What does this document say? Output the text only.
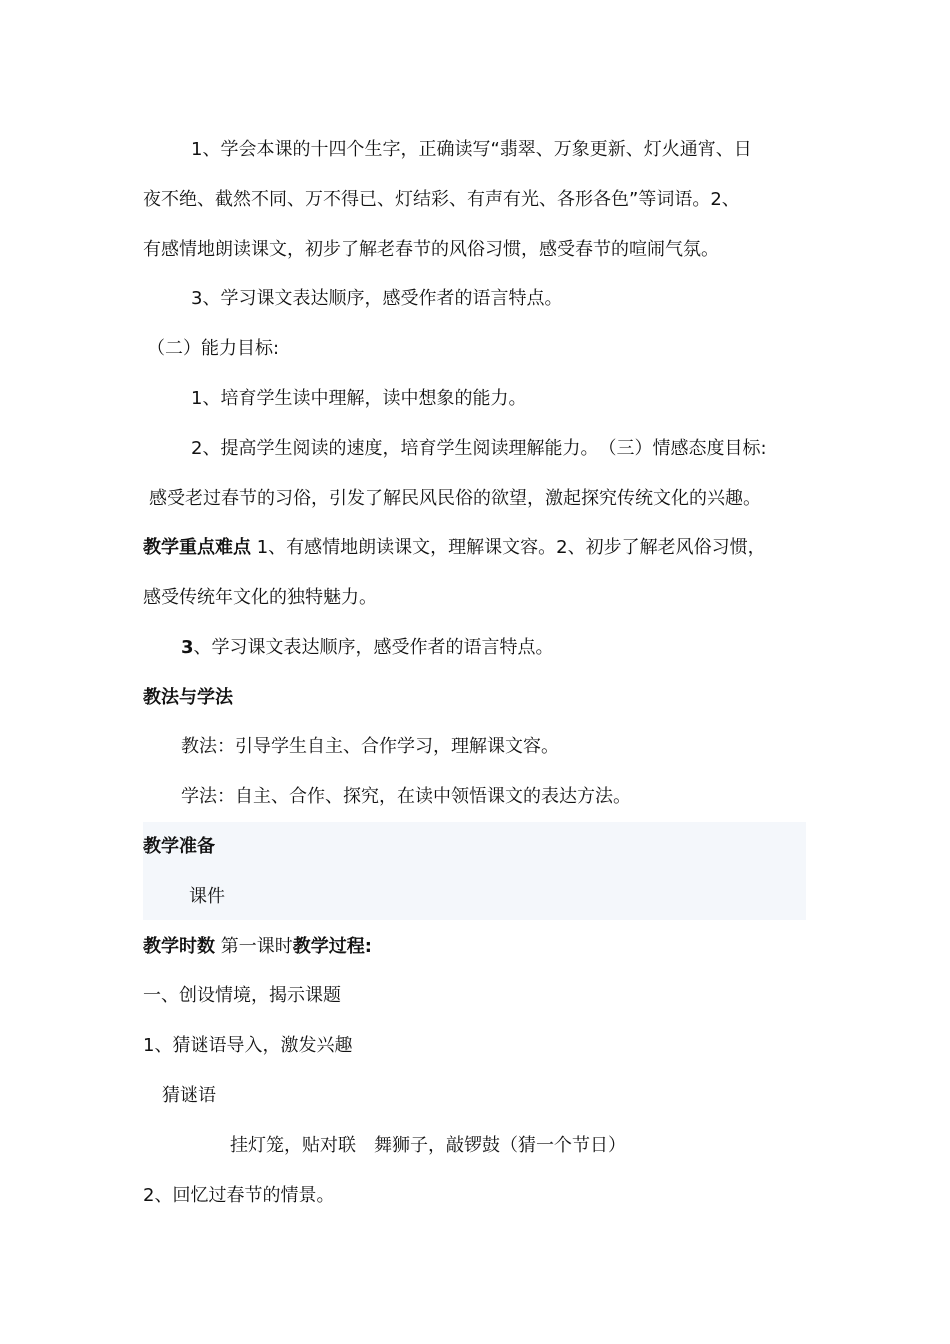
1、学会本课的十四个生字，正确读写“翡翠、万象更新、灯火通宵、日
夜不绝、截然不同、万不得已、灯结彩、有声有光、各形各色”等词语。2、
有感情地朗读课文，初步了解老春节的风俗习惯，感受春节的喧闹气氛。
3、学习课文表达顺序，感受作者的语言特点。
（二）能力目标:
1、培育学生读中理解，读中想象的能力。
2、提高学生阅读的速度，培育学生阅读理解能力。　（三）情感态度目标:
感受老过春节的习俗，引发了解民风民俗的欲望，激起探究传统文化的兴趣。
教学重点难点 1、有感情地朗读课文，理解课文容。2、初步了解老风俗习惯，
感受传统年文化的独特魅力。
3、学习课文表达顺序，感受作者的语言特点。
教法与学法
教法：引导学生自主、合作学习，理解课文容。
学法：自主、合作、探究，在读中领悟课文的表达方法。
教学准备
课件
教学时数 第一课时教学过程:
一、创设情境，揭示课题
1、猜谜语导入，激发兴趣
猜谜语
挂灯笼，贴对联　舞狮子，敲锣鼓（猜一个节日）
2、回忆过春节的情景。
